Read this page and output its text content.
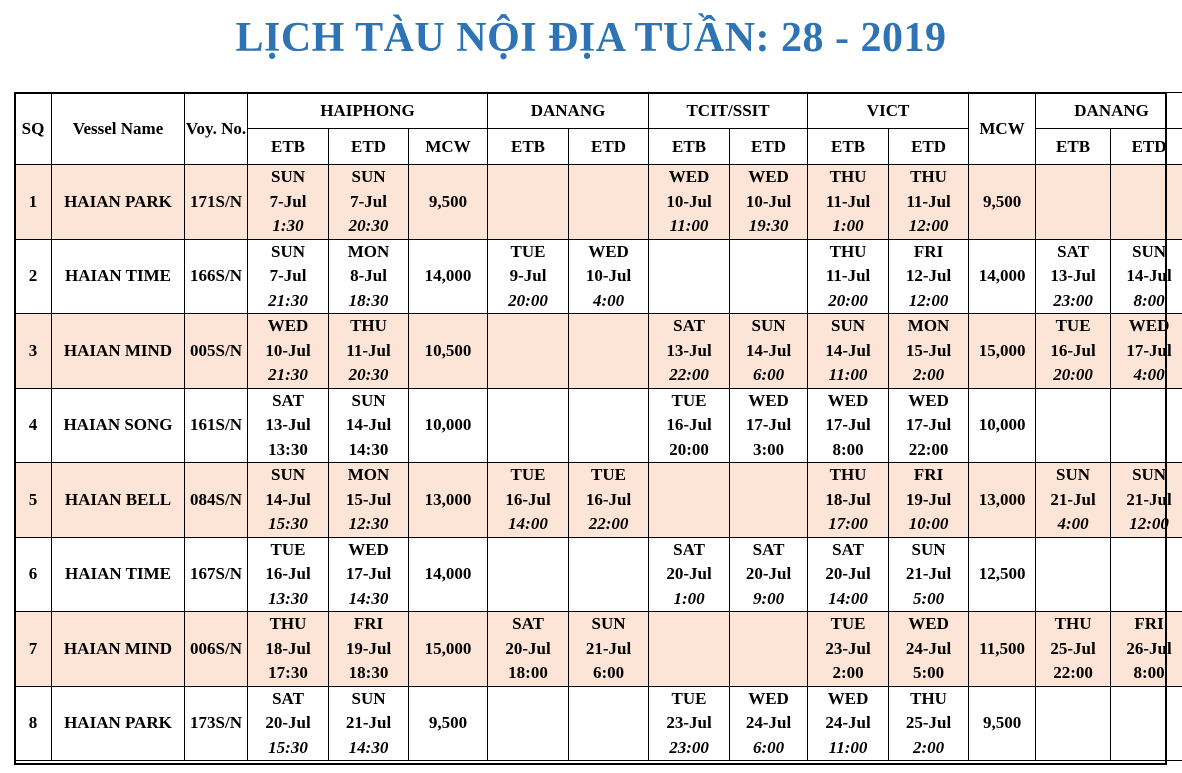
LỊCH TÀU NỘI ĐỊA TUẦN: 28 - 2019
SQ	Vessel Name	Voy. No.	HAIPHONG			DANANG		TCIT/SSIT		VICT		MCW	DANANG	
			ETB	ETD	MCW	ETB	ETD	ETB	ETD	ETB	ETD		ETB	ETD
1	HAIAN PARK	171S/N	SUN
7-Jul
1:30	SUN
7-Jul
20:30	9,500			WED
10-Jul
11:00	WED
10-Jul
19:30	THU
11-Jul
1:00	THU
11-Jul
12:00	9,500	

2	HAIAN TIME	166S/N	SUN
7-Jul
21:30	MON
8-Jul
18:30	14,000	TUE
9-Jul
20:00	WED
10-Jul
4:00			THU
11-Jul
20:00	FRI
12-Jul
12:00	14,000	SAT
13-Jul
23:00	SUN
14-Jul
8:00

3	HAIAN MIND	005S/N	WED
10-Jul
21:30	THU
11-Jul
20:30	10,500			SAT
13-Jul
22:00	SUN
14-Jul
6:00	SUN
14-Jul
11:00	MON
15-Jul
2:00	15,000	TUE
16-Jul
20:00	WED
17-Jul
4:00

4	HAIAN SONG	161S/N	SAT
13-Jul
13:30	SUN
14-Jul
14:30	10,000			TUE
16-Jul
20:00	WED
17-Jul
3:00	WED
17-Jul
8:00	WED
17-Jul
22:00	10,000	

5	HAIAN BELL	084S/N	SUN
14-Jul
15:30	MON
15-Jul
12:30	13,000	TUE
16-Jul
14:00	TUE
16-Jul
22:00			THU
18-Jul
17:00	FRI
19-Jul
10:00	13,000	SUN
21-Jul
4:00	SUN
21-Jul
12:00

6	HAIAN TIME	167S/N	TUE
16-Jul
13:30	WED
17-Jul
14:30	14,000			SAT
20-Jul
1:00	SAT
20-Jul
9:00	SAT
20-Jul
14:00	SUN
21-Jul
5:00	12,500	

7	HAIAN MIND	006S/N	THU
18-Jul
17:30	FRI
19-Jul
18:30	15,000	SAT
20-Jul
18:00	SUN
21-Jul
6:00			TUE
23-Jul
2:00	WED
24-Jul
5:00	11,500	THU
25-Jul
22:00	FRI
26-Jul
8:00

8	HAIAN PARK	173S/N	SAT
20-Jul
15:30	SUN
21-Jul
14:30	9,500			TUE
23-Jul
23:00	WED
24-Jul
6:00	WED
24-Jul
11:00	THU
25-Jul
2:00	9,500	
